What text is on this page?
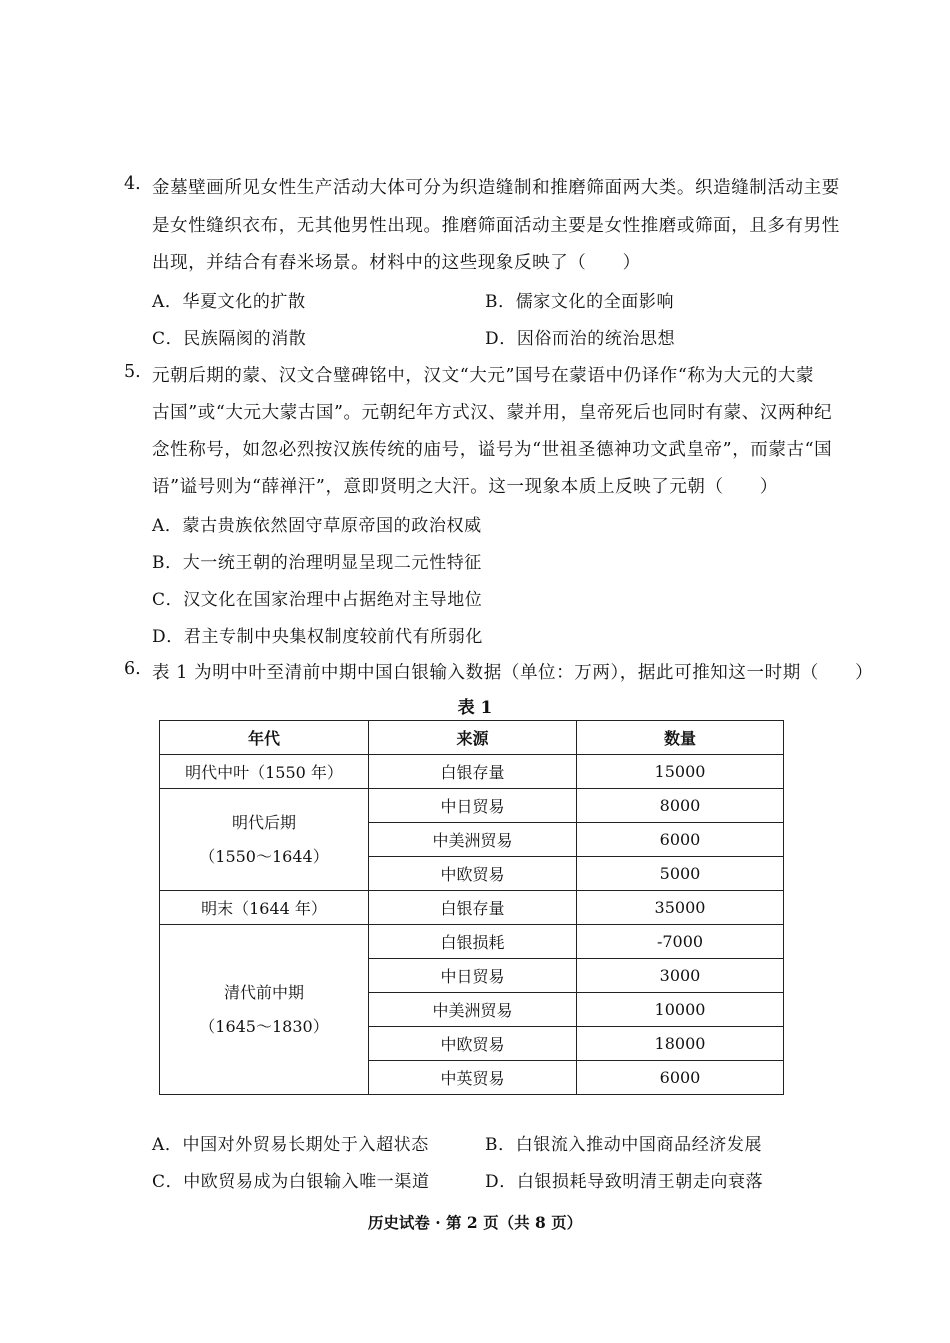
4. 金墓壁画所见女性生产活动大体可分为织造缝制和推磨筛面两大类。织造缝制活动主要
是女性缝织衣布，无其他男性出现。推磨筛面活动主要是女性推磨或筛面，且多有男性
出现，并结合有舂米场景。材料中的这些现象反映了（　　）
A．华夏文化的扩散	B．儒家文化的全面影响
C．民族隔阂的消散	D．因俗而治的统治思想
5. 元朝后期的蒙、汉文合璧碑铭中，汉文“大元”国号在蒙语中仍译作“称为大元的大蒙
古国”或“大元大蒙古国”。元朝纪年方式汉、蒙并用，皇帝死后也同时有蒙、汉两种纪
念性称号，如忽必烈按汉族传统的庙号，谥号为“世祖圣德神功文武皇帝”，而蒙古“国
语”谥号则为“薛禅汗”，意即贤明之大汗。这一现象本质上反映了元朝（　　）
A．蒙古贵族依然固守草原帝国的政治权威
B．大一统王朝的治理明显呈现二元性特征
C．汉文化在国家治理中占据绝对主导地位
D．君主专制中央集权制度较前代有所弱化
6. 表 1 为明中叶至清前中期中国白银输入数据（单位：万两），据此可推知这一时期（　　）
表 1
年代	来源	数量
明代中叶（1550 年）	白银存量	15000

明代后期
（1550～1644）	中日贸易	8000
	中美洲贸易	6000
	中欧贸易	5000
明末（1644 年）	白银存量	35000

清代前中期
（1645～1830）	白银损耗	-7000
	中日贸易	3000
	中美洲贸易	10000
	中欧贸易	18000
	中英贸易	6000
A．中国对外贸易长期处于入超状态	B．白银流入推动中国商品经济发展
C．中欧贸易成为白银输入唯一渠道	D．白银损耗导致明清王朝走向衰落
历史试卷 · 第 2 页（共 8 页）
